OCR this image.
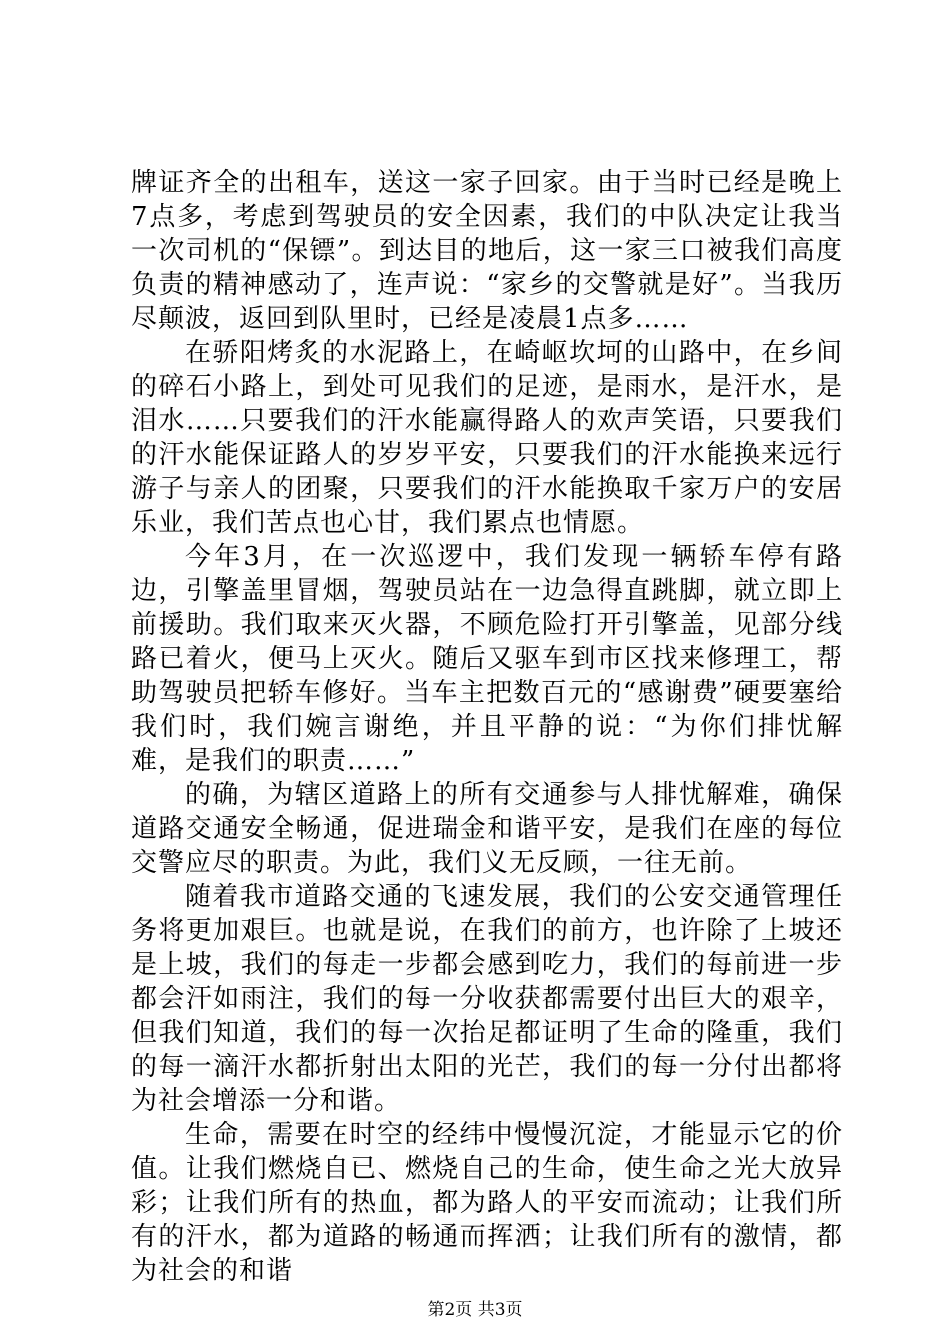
牌证齐全的出租车，送这一家子回家。由于当时已经是晚上7点多，考虑到驾驶员的安全因素，我们的中队决定让我当一次司机的“保镖”。到达目的地后，这一家三口被我们高度负责的精神感动了，连声说：“家乡的交警就是好”。当我历尽颠波，返回到队里时，已经是凌晨1点多……

在骄阳烤炙的水泥路上，在崎岖坎坷的山路中，在乡间的碎石小路上，到处可见我们的足迹，是雨水，是汗水，是泪水……只要我们的汗水能赢得路人的欢声笑语，只要我们的汗水能保证路人的岁岁平安，只要我们的汗水能换来远行游子与亲人的团聚，只要我们的汗水能换取千家万户的安居乐业，我们苦点也心甘，我们累点也情愿。

今年3月，在一次巡逻中，我们发现一辆轿车停有路边，引擎盖里冒烟，驾驶员站在一边急得直跳脚，就立即上前援助。我们取来灭火器，不顾危险打开引擎盖，见部分线路已着火，便马上灭火。随后又驱车到市区找来修理工，帮助驾驶员把轿车修好。当车主把数百元的“感谢费”硬要塞给我们时，我们婉言谢绝，并且平静的说：“为你们排忧解难，是我们的职责……”

的确，为辖区道路上的所有交通参与人排忧解难，确保道路交通安全畅通，促进瑞金和谐平安，是我们在座的每位交警应尽的职责。为此，我们义无反顾，一往无前。

随着我市道路交通的飞速发展，我们的公安交通管理任务将更加艰巨。也就是说，在我们的前方，也许除了上坡还是上坡，我们的每走一步都会感到吃力，我们的每前进一步都会汗如雨注，我们的每一分收获都需要付出巨大的艰辛，但我们知道，我们的每一次抬足都证明了生命的隆重，我们的每一滴汗水都折射出太阳的光芒，我们的每一分付出都将为社会增添一分和谐。

生命，需要在时空的经纬中慢慢沉淀，才能显示它的价值。让我们燃烧自已、燃烧自己的生命，使生命之光大放异彩；让我们所有的热血，都为路人的平安而流动；让我们所有的汗水，都为道路的畅通而挥洒；让我们所有的激情，都为社会的和谐

第2页 共3页
